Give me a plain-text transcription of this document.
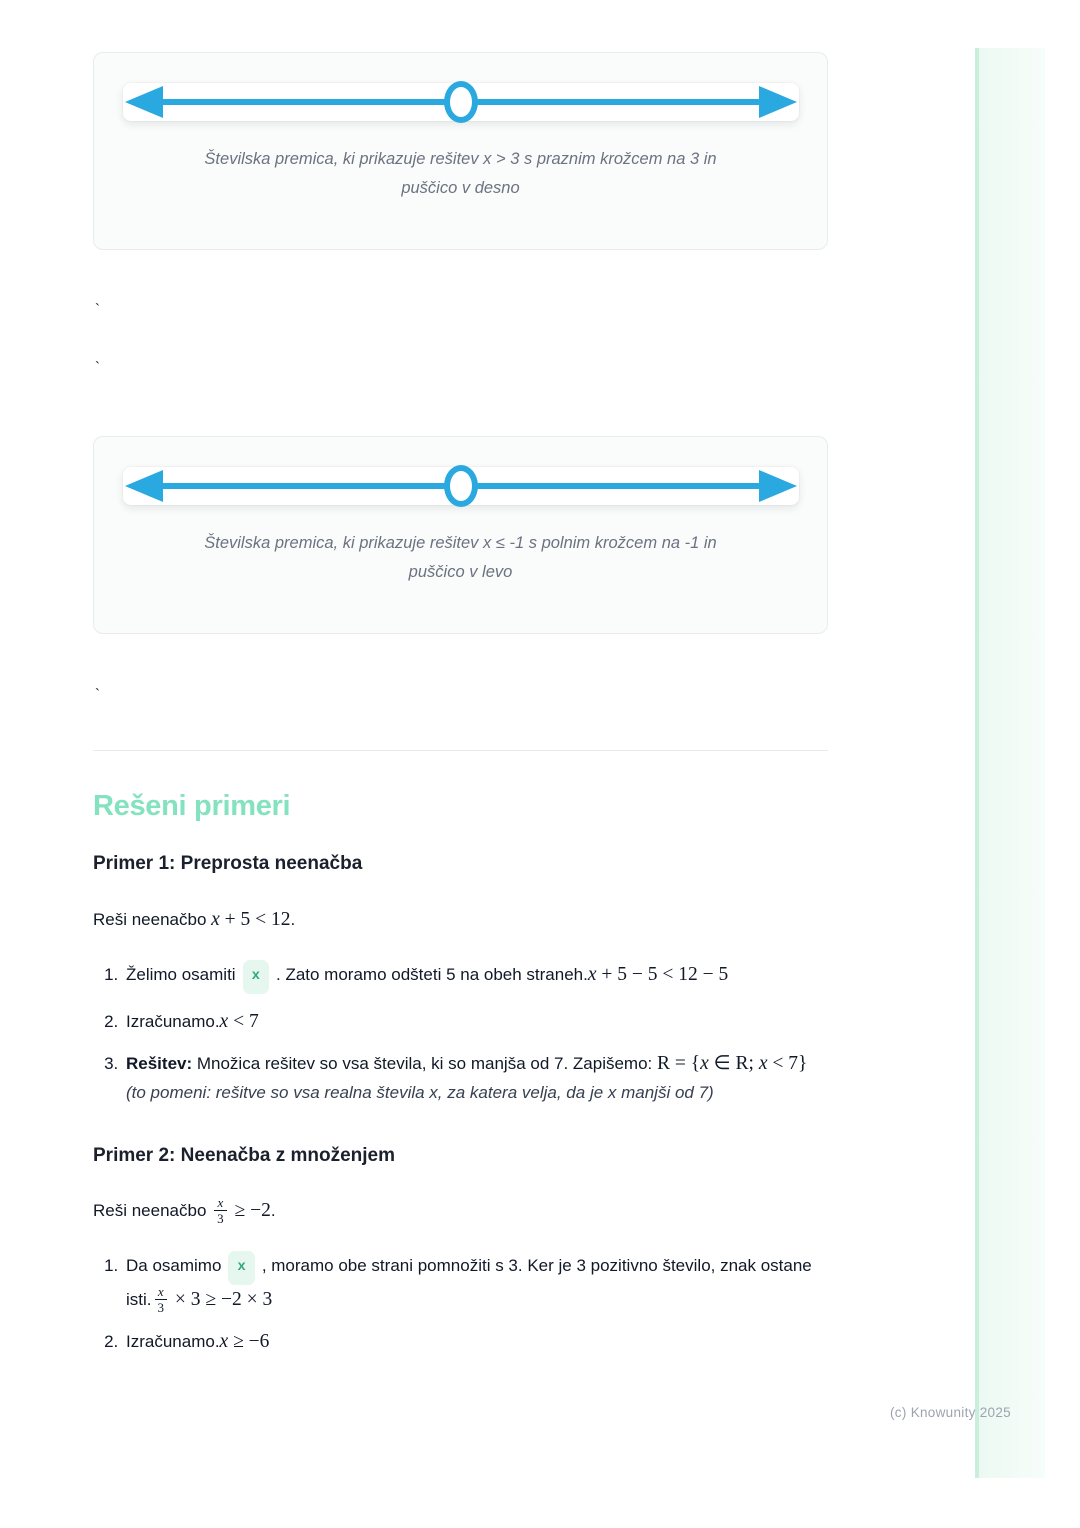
(c) Knowunity 2025

Številska premica, ki prikazuje rešitev x > 3 s praznim krožcem na 3 in
puščico v desno

`
`

Številska premica, ki prikazuje rešitev x ≤ -1 s polnim krožcem na -1 in
puščico v levo

`
Rešeni primeri
Primer 1: Preprosta neenačba

Reši neenačbo x + 5 < 12.

1. Želimo osamiti x . Zato moramo odšteti 5 na obeh straneh.x + 5 − 5 < 12 − 5
2. Izračunamo.x < 7
3. Rešitev: Množica rešitev so vsa števila, ki so manjša od 7. Zapišemo: R = {x ∈ R; x < 7} (to pomeni: rešitve so vsa realna števila x, za katera velja, da je x manjši od 7)
Primer 2: Neenačba z množenjem

Reši neenačbo $\frac{x}{3} \ge -2$.

1. Da osamimo x , moramo obe strani pomnožiti s 3. Ker je 3 pozitivno število, znak ostane isti. $\frac{x}{3} \times 3 \ge -2 \times 3$
2. Izračunamo.x ≥ −6
